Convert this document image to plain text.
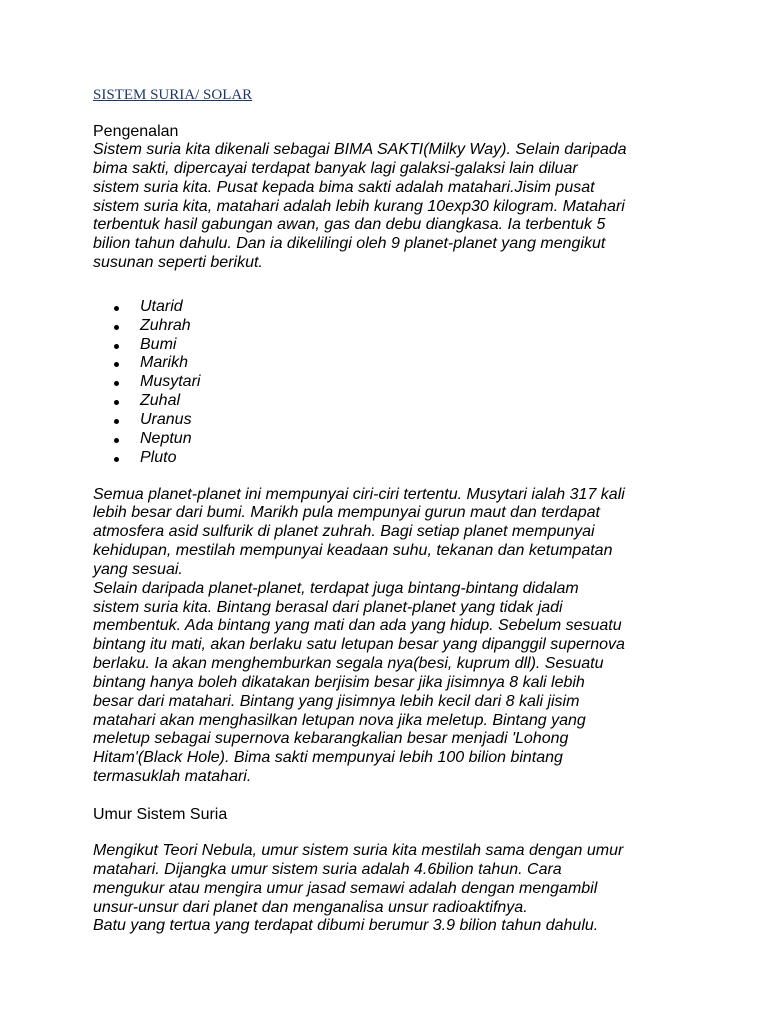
SISTEM SURIA/ SOLAR
Pengenalan

Sistem suria kita dikenali sebagai BIMA SAKTI(Milky Way). Selain daripada
bima sakti, dipercayai terdapat banyak lagi galaksi-galaksi lain diluar
sistem suria kita. Pusat kepada bima sakti adalah matahari.Jisim pusat
sistem suria kita, matahari adalah lebih kurang 10exp30 kilogram. Matahari
terbentuk hasil gabungan awan, gas dan debu diangkasa. Ia terbentuk 5
bilion tahun dahulu. Dan ia dikelilingi oleh 9 planet-planet yang mengikut
susunan seperti berikut.

Utarid
Zuhrah
Bumi
Marikh
Musytari
Zuhal
Uranus
Neptun
Pluto

Semua planet-planet ini mempunyai ciri-ciri tertentu. Musytari ialah 317 kali
lebih besar dari bumi. Marikh pula mempunyai gurun maut dan terdapat
atmosfera asid sulfurik di planet zuhrah. Bagi setiap planet mempunyai
kehidupan, mestilah mempunyai keadaan suhu, tekanan dan ketumpatan
yang sesuai.
Selain daripada planet-planet, terdapat juga bintang-bintang didalam
sistem suria kita. Bintang berasal dari planet-planet yang tidak jadi
membentuk. Ada bintang yang mati dan ada yang hidup. Sebelum sesuatu
bintang itu mati, akan berlaku satu letupan besar yang dipanggil supernova
berlaku. Ia akan menghemburkan segala nya(besi, kuprum dll). Sesuatu
bintang hanya boleh dikatakan berjisim besar jika jisimnya 8 kali lebih
besar dari matahari. Bintang yang jisimnya lebih kecil dari 8 kali jisim
matahari akan menghasilkan letupan nova jika meletup. Bintang yang
meletup sebagai supernova kebarangkalian besar menjadi 'Lohong
Hitam'(Black Hole). Bima sakti mempunyai lebih 100 bilion bintang
termasuklah matahari.

Umur Sistem Suria

Mengikut Teori Nebula, umur sistem suria kita mestilah sama dengan umur
matahari. Dijangka umur sistem suria adalah 4.6bilion tahun. Cara
mengukur atau mengira umur jasad semawi adalah dengan mengambil
unsur-unsur dari planet dan menganalisa unsur radioaktifnya.
Batu yang tertua yang terdapat dibumi berumur 3.9 bilion tahun dahulu.
